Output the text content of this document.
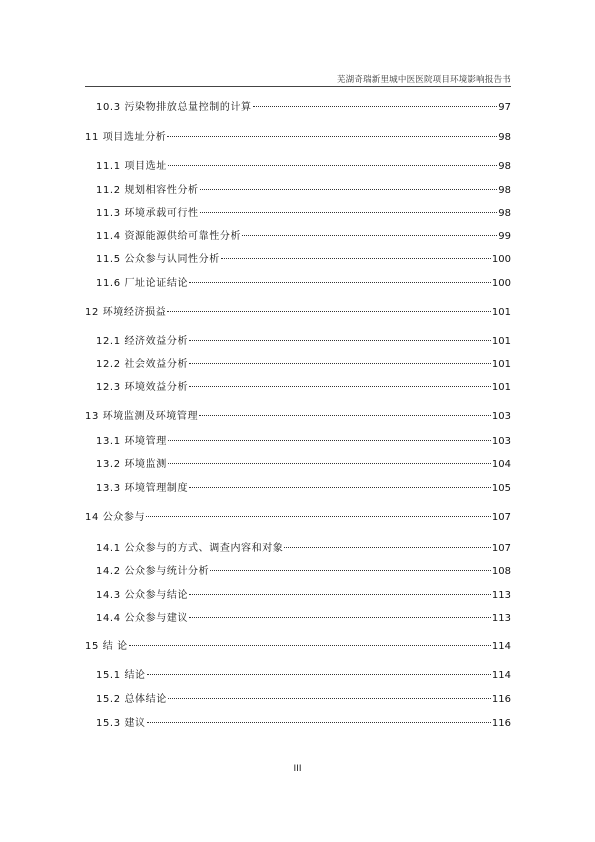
芜湖奇瑞新里城中医医院项目环境影响报告书
10.3 污染物排放总量控制的计算	97
11 项目选址分析	98
11.1 项目选址	98
11.2 规划相容性分析	98
11.3 环境承载可行性	98
11.4 资源能源供给可靠性分析	99
11.5 公众参与认同性分析	100
11.6 厂址论证结论	100
12 环境经济损益	101
12.1 经济效益分析	101
12.2 社会效益分析	101
12.3 环境效益分析	101
13 环境监测及环境管理	103
13.1 环境管理	103
13.2 环境监测	104
13.3 环境管理制度	105
14 公众参与	107
14.1 公众参与的方式、调查内容和对象	107
14.2 公众参与统计分析	108
14.3 公众参与结论	113
14.4 公众参与建议	113
15 结 论	114
15.1 结论	114
15.2 总体结论	116
15.3 建议	116
III
